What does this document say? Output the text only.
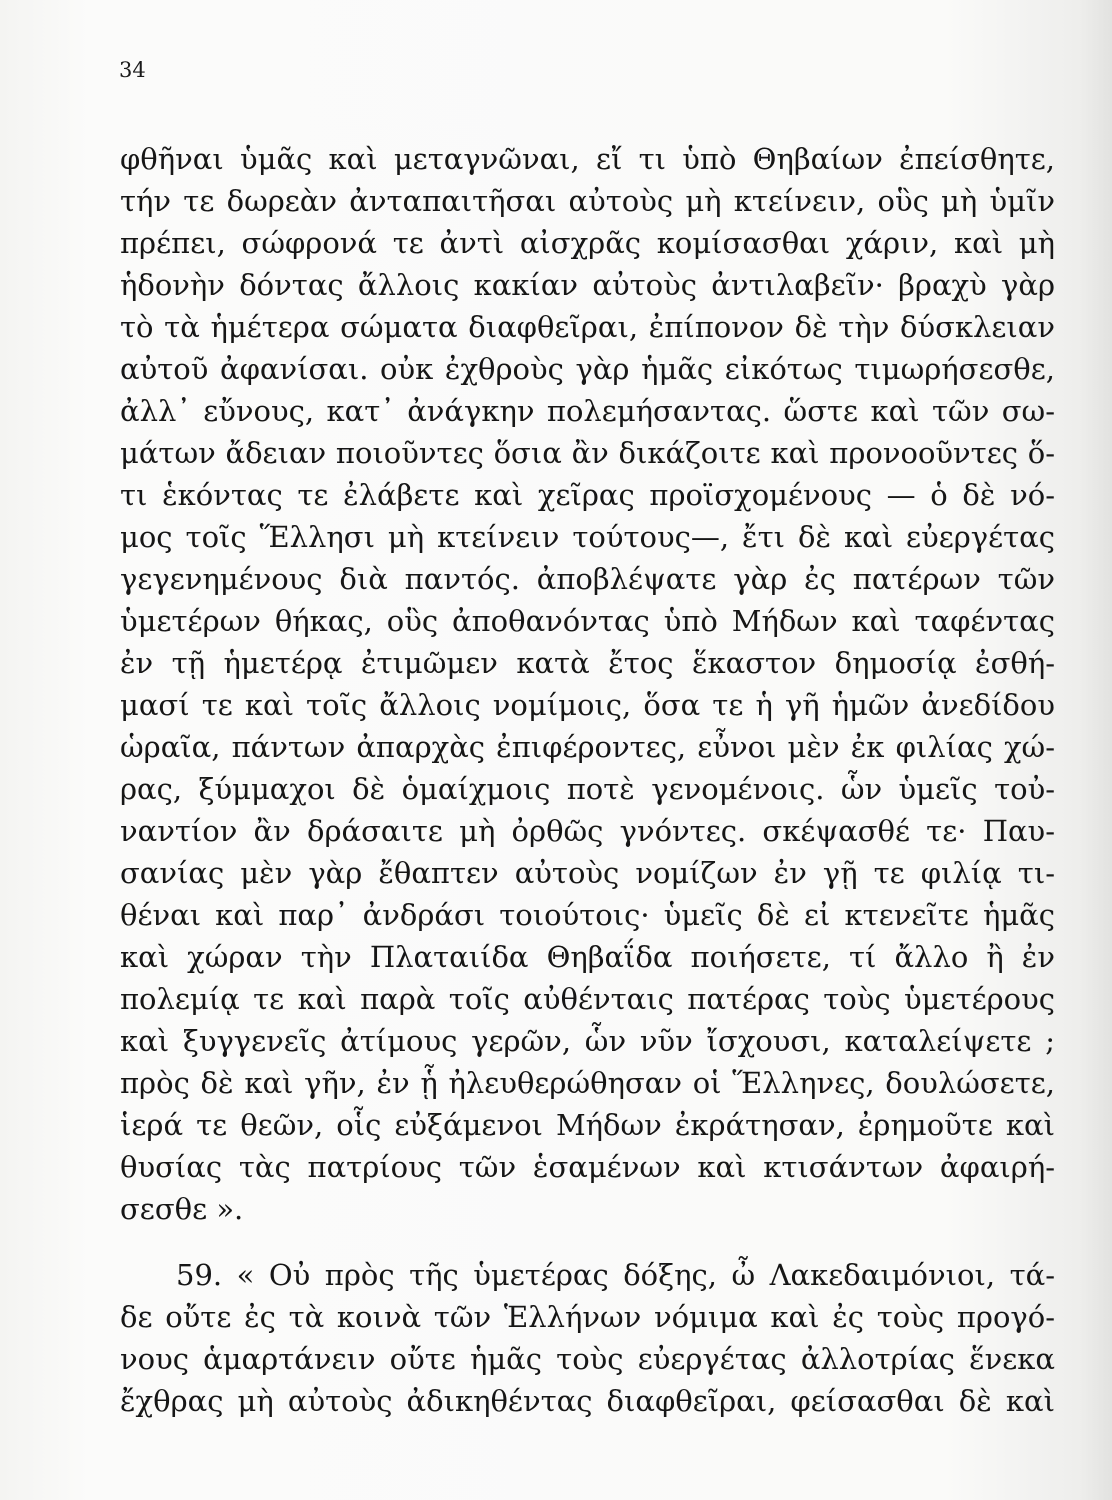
34
φθῆναι ὑμᾶς καὶ μεταγνῶναι, εἴ τι ὑπὸ Θηβαίων ἐπείσθητε,
τήν τε δωρεὰν ἀνταπαιτῆσαι αὐτοὺς μὴ κτείνειν, οὓς μὴ ὑμῖν
πρέπει, σώφρονά τε ἀντὶ αἰσχρᾶς κομίσασθαι χάριν, καὶ μὴ
ἡδονὴν δόντας ἄλλοις κακίαν αὐτοὺς ἀντιλαβεῖν· βραχὺ γὰρ
τὸ τὰ ἡμέτερα σώματα διαφθεῖραι, ἐπίπονον δὲ τὴν δύσκλειαν
αὐτοῦ ἀφανίσαι. οὐκ ἐχθροὺς γὰρ ἡμᾶς εἰκότως τιμωρήσεσθε,
ἀλλ᾽ εὔνους, κατ᾽ ἀνάγκην πολεμήσαντας. ὥστε καὶ τῶν σω-
μάτων ἄδειαν ποιοῦντες ὅσια ἂν δικάζοιτε καὶ προνοοῦντες ὅ-
τι ἑκόντας τε ἐλάβετε καὶ χεῖρας προϊσχομένους — ὁ δὲ νό-
μος τοῖς Ἕλλησι μὴ κτείνειν τούτους—, ἔτι δὲ καὶ εὐεργέτας
γεγενημένους διὰ παντός. ἀποβλέψατε γὰρ ἐς πατέρων τῶν
ὑμετέρων θήκας, οὓς ἀποθανόντας ὑπὸ Μήδων καὶ ταφέντας
ἐν τῇ ἡμετέρᾳ ἐτιμῶμεν κατὰ ἔτος ἕκαστον δημοσίᾳ ἐσθή-
μασί τε καὶ τοῖς ἄλλοις νομίμοις, ὅσα τε ἡ γῆ ἡμῶν ἀνεδίδου
ὡραῖα, πάντων ἀπαρχὰς ἐπιφέροντες, εὖνοι μὲν ἐκ φιλίας χώ-
ρας, ξύμμαχοι δὲ ὁμαίχμοις ποτὲ γενομένοις. ὧν ὑμεῖς τοὐ-
ναντίον ἂν δράσαιτε μὴ ὀρθῶς γνόντες. σκέψασθέ τε· Παυ-
σανίας μὲν γὰρ ἔθαπτεν αὐτοὺς νομίζων ἐν γῇ τε φιλίᾳ τι-
θέναι καὶ παρ᾽ ἀνδράσι τοιούτοις· ὑμεῖς δὲ εἰ κτενεῖτε ἡμᾶς
καὶ χώραν τὴν Πλαταιίδα Θηβαΐδα ποιήσετε, τί ἄλλο ἢ ἐν
πολεμίᾳ τε καὶ παρὰ τοῖς αὐθένταις πατέρας τοὺς ὑμετέρους
καὶ ξυγγενεῖς ἀτίμους γερῶν, ὧν νῦν ἴσχουσι, καταλείψετε ;
πρὸς δὲ καὶ γῆν, ἐν ᾗ ἠλευθερώθησαν οἱ Ἕλληνες, δουλώσετε,
ἱερά τε θεῶν, οἷς εὐξάμενοι Μήδων ἐκράτησαν, ἐρημοῦτε καὶ
θυσίας τὰς πατρίους τῶν ἑσαμένων καὶ κτισάντων ἀφαιρή-
σεσθε ».
59. « Οὐ πρὸς τῆς ὑμετέρας δόξης, ὦ Λακεδαιμόνιοι, τά-
δε οὔτε ἐς τὰ κοινὰ τῶν Ἑλλήνων νόμιμα καὶ ἐς τοὺς προγό-
νους ἁμαρτάνειν οὔτε ἡμᾶς τοὺς εὐεργέτας ἀλλοτρίας ἕνεκα
ἔχθρας μὴ αὐτοὺς ἀδικηθέντας διαφθεῖραι, φείσασθαι δὲ καὶ
